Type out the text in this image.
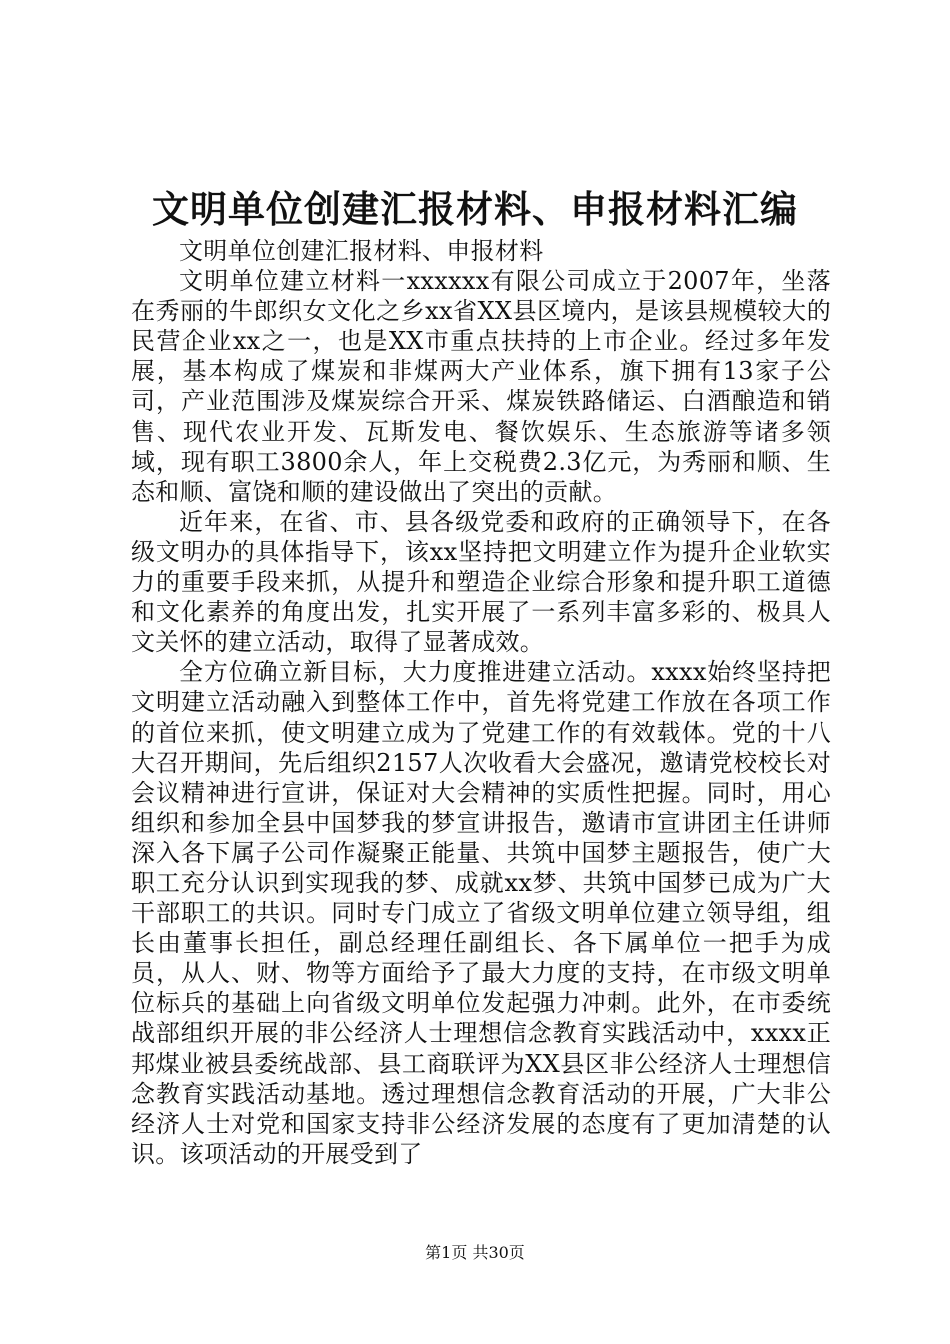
文明单位创建汇报材料、申报材料汇编

文明单位创建汇报材料、申报材料

文明单位建立材料一xxxxxx有限公司成立于2007年，坐落在秀丽的牛郎织女文化之乡xx省XX县区境内，是该县规模较大的民营企业xx之一，也是XX市重点扶持的上市企业。经过多年发展，基本构成了煤炭和非煤两大产业体系，旗下拥有13家子公司，产业范围涉及煤炭综合开采、煤炭铁路储运、白酒酿造和销售、现代农业开发、瓦斯发电、餐饮娱乐、生态旅游等诸多领域，现有职工3800余人，年上交税费2.3亿元，为秀丽和顺、生态和顺、富饶和顺的建设做出了突出的贡献。

近年来，在省、市、县各级党委和政府的正确领导下，在各级文明办的具体指导下，该xx坚持把文明建立作为提升企业软实力的重要手段来抓，从提升和塑造企业综合形象和提升职工道德和文化素养的角度出发，扎实开展了一系列丰富多彩的、极具人文关怀的建立活动，取得了显著成效。

全方位确立新目标，大力度推进建立活动。xxxx始终坚持把文明建立活动融入到整体工作中，首先将党建工作放在各项工作的首位来抓，使文明建立成为了党建工作的有效载体。党的十八大召开期间，先后组织2157人次收看大会盛况，邀请党校校长对会议精神进行宣讲，保证对大会精神的实质性把握。同时，用心组织和参加全县中国梦我的梦宣讲报告，邀请市宣讲团主任讲师深入各下属子公司作凝聚正能量、共筑中国梦主题报告，使广大职工充分认识到实现我的梦、成就xx梦、共筑中国梦已成为广大干部职工的共识。同时专门成立了省级文明单位建立领导组，组长由董事长担任，副总经理任副组长、各下属单位一把手为成员，从人、财、物等方面给予了最大力度的支持，在市级文明单位标兵的基础上向省级文明单位发起强力冲刺。此外，在市委统战部组织开展的非公经济人士理想信念教育实践活动中，xxxx正邦煤业被县委统战部、县工商联评为XX县区非公经济人士理想信念教育实践活动基地。透过理想信念教育活动的开展，广大非公经济人士对党和国家支持非公经济发展的态度有了更加清楚的认识。该项活动的开展受到了

第1页 共30页
